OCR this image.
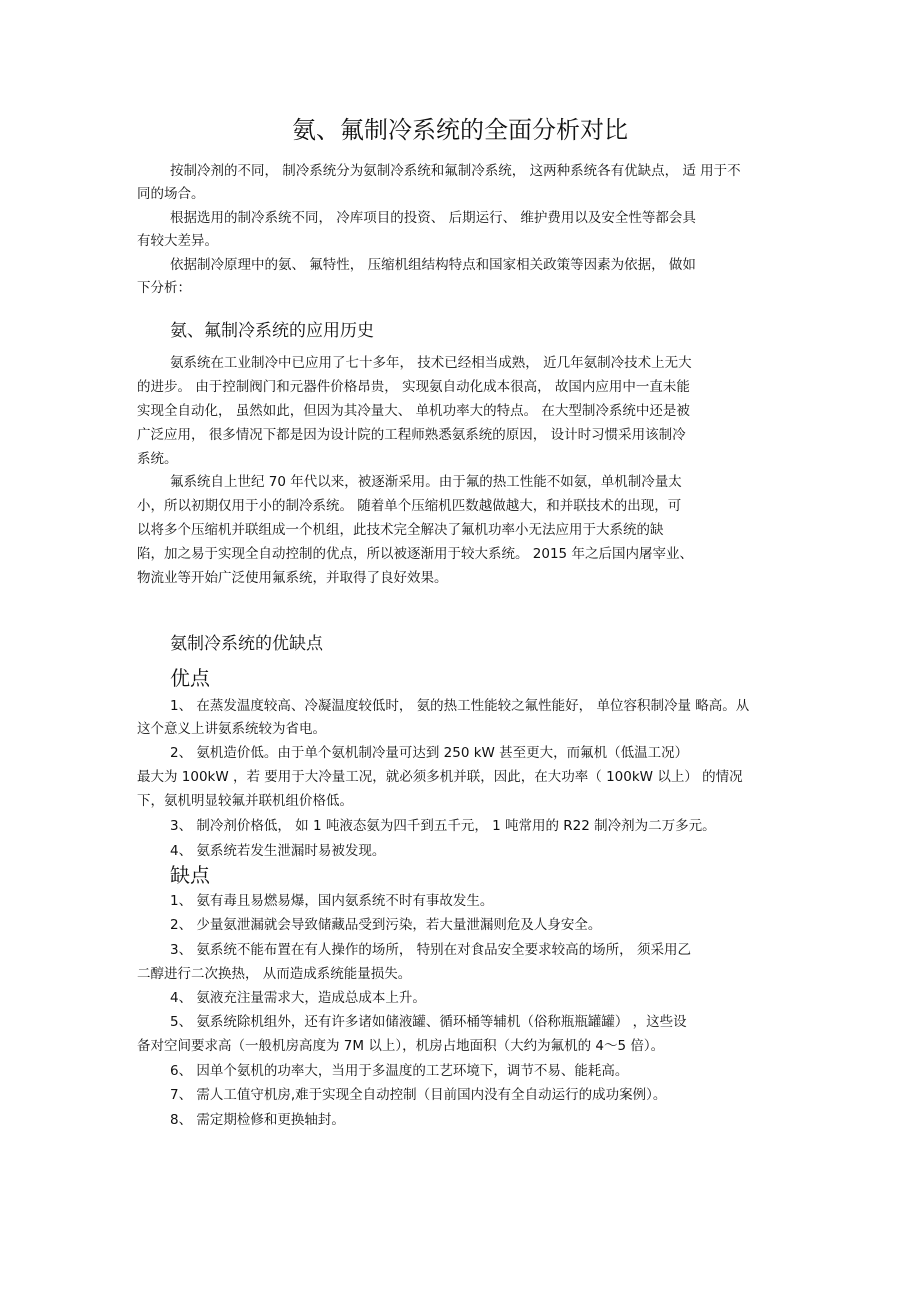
氨、氟制冷系统的全面分析对比
按制冷剂的不同， 制冷系统分为氨制冷系统和氟制冷系统， 这两种系统各有优缺点， 适 用于不
同的场合。
根据选用的制冷系统不同， 冷库项目的投资、 后期运行、 维护费用以及安全性等都会具
有较大差异。
依据制冷原理中的氨、 氟特性， 压缩机组结构特点和国家相关政策等因素为依据， 做如
下分析：
氨、氟制冷系统的应用历史
氨系统在工业制冷中已应用了七十多年， 技术已经相当成熟， 近几年氨制冷技术上无大
的进步。 由于控制阀门和元器件价格昂贵， 实现氨自动化成本很高， 故国内应用中一直未能
实现全自动化， 虽然如此，但因为其冷量大、 单机功率大的特点。 在大型制冷系统中还是被
广泛应用， 很多情况下都是因为设计院的工程师熟悉氨系统的原因， 设计时习惯采用该制冷
系统。
氟系统自上世纪 70 年代以来，被逐渐采用。由于氟的热工性能不如氨，单机制冷量太
小，所以初期仅用于小的制冷系统。 随着单个压缩机匹数越做越大，和并联技术的出现，可
以将多个压缩机并联组成一个机组，此技术完全解决了氟机功率小无法应用于大系统的缺
陷，加之易于实现全自动控制的优点，所以被逐渐用于较大系统。 2015 年之后国内屠宰业、
物流业等开始广泛使用氟系统，并取得了良好效果。
氨制冷系统的优缺点
优点
1、 在蒸发温度较高、冷凝温度较低时， 氨的热工性能较之氟性能好， 单位容积制冷量 略高。从
这个意义上讲氨系统较为省电。
2、 氨机造价低。由于单个氨机制冷量可达到 250 kW 甚至更大，而氟机（低温工况）
最大为 100kW ，若 要用于大冷量工况，就必须多机并联，因此，在大功率（ 100kW 以上） 的情况
下，氨机明显较氟并联机组价格低。
3、 制冷剂价格低， 如 1 吨液态氨为四千到五千元， 1 吨常用的 R22 制冷剂为二万多元。
4、 氨系统若发生泄漏时易被发现。
缺点
1、 氨有毒且易燃易爆，国内氨系统不时有事故发生。
2、 少量氨泄漏就会导致储藏品受到污染，若大量泄漏则危及人身安全。
3、 氨系统不能布置在有人操作的场所， 特别在对食品安全要求较高的场所， 须采用乙
二醇进行二次换热， 从而造成系统能量损失。
4、 氨液充注量需求大，造成总成本上升。
5、 氨系统除机组外，还有许多诸如储液罐、循环桶等辅机（俗称瓶瓶罐罐） ，这些设
备对空间要求高（一般机房高度为 7M 以上），机房占地面积（大约为氟机的 4～5 倍）。
6、 因单个氨机的功率大，当用于多温度的工艺环境下，调节不易、能耗高。
7、 需人工值守机房,难于实现全自动控制（目前国内没有全自动运行的成功案例）。
8、 需定期检修和更换轴封。
